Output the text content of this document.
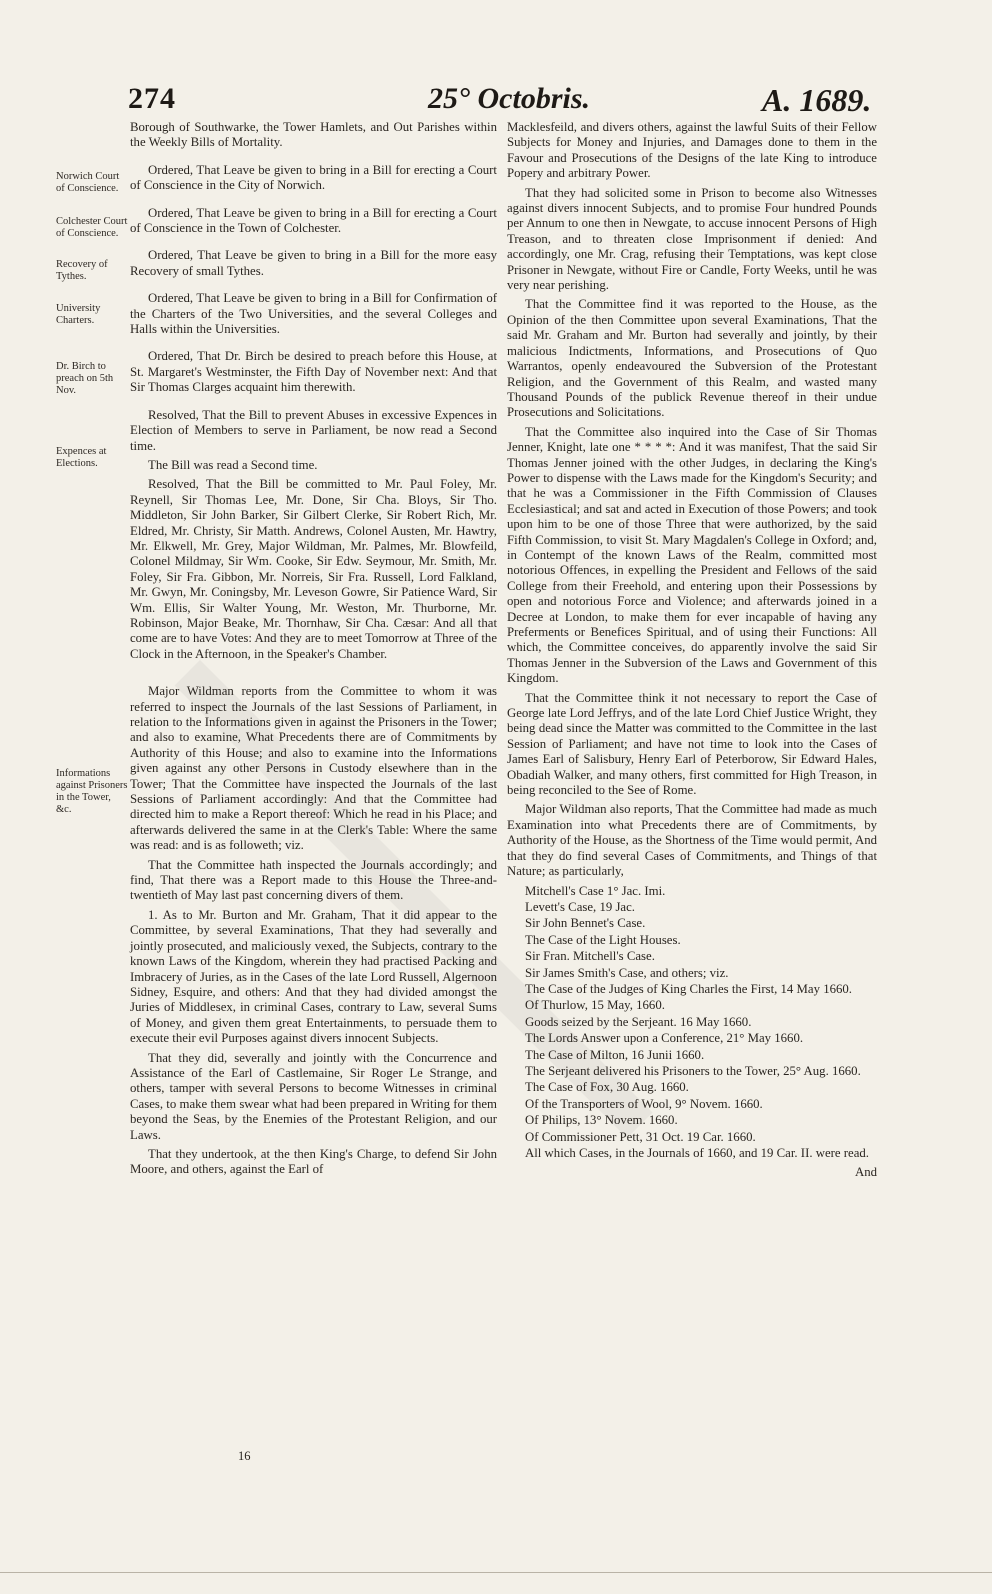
274	25° Octobris.	A. 1689.
Norwich Court of Conscience.
Colchester Court of Conscience.
Recovery of Tythes.
University Charters.
Dr. Birch to preach on 5th Nov.
Expences at Elections.
Informations against Prisoners in the Tower, &c.

Borough of Southwarke, the Tower Hamlets, and Out Parishes within the Weekly Bills of Mortality.

Ordered, That Leave be given to bring in a Bill for erecting a Court of Conscience in the City of Norwich.

Ordered, That Leave be given to bring in a Bill for erecting a Court of Conscience in the Town of Colchester.

Ordered, That Leave be given to bring in a Bill for the more easy Recovery of small Tythes.

Ordered, That Leave be given to bring in a Bill for Confirmation of the Charters of the Two Universities, and the several Colleges and Halls within the Universities.

Ordered, That Dr. Birch be desired to preach before this House, at St. Margaret's Westminster, the Fifth Day of November next: And that Sir Thomas Clarges acquaint him therewith.

Resolved, That the Bill to prevent Abuses in excessive Expences in Election of Members to serve in Parliament, be now read a Second time.

The Bill was read a Second time.

Resolved, That the Bill be committed to Mr. Paul Foley, Mr. Reynell, Sir Thomas Lee, Mr. Done, Sir Cha. Bloys, Sir Tho. Middleton, Sir John Barker, Sir Gilbert Clerke, Sir Robert Rich, Mr. Eldred, Mr. Christy, Sir Matth. Andrews, Colonel Austen, Mr. Hawtry, Mr. Elkwell, Mr. Grey, Major Wildman, Mr. Palmes, Mr. Blowfeild, Colonel Mildmay, Sir Wm. Cooke, Sir Edw. Seymour, Mr. Smith, Mr. Foley, Sir Fra. Gibbon, Mr. Norreis, Sir Fra. Russell, Lord Falkland, Mr. Gwyn, Mr. Coningsby, Mr. Leveson Gowre, Sir Patience Ward, Sir Wm. Ellis, Sir Walter Young, Mr. Weston, Mr. Thurborne, Mr. Robinson, Major Beake, Mr. Thornhaw, Sir Cha. Cæsar: And all that come are to have Votes: And they are to meet Tomorrow at Three of the Clock in the Afternoon, in the Speaker's Chamber.

Major Wildman reports from the Committee to whom it was referred to inspect the Journals of the last Sessions of Parliament, in relation to the Informations given in against the Prisoners in the Tower; and also to examine, What Precedents there are of Commitments by Authority of this House; and also to examine into the Informations given against any other Persons in Custody elsewhere than in the Tower; That the Committee have inspected the Journals of the last Sessions of Parliament accordingly: And that the Committee had directed him to make a Report thereof: Which he read in his Place; and afterwards delivered the same in at the Clerk's Table: Where the same was read: and is as followeth; viz.

That the Committee hath inspected the Journals accordingly; and find, That there was a Report made to this House the Three-and-twentieth of May last past concerning divers of them.

1. As to Mr. Burton and Mr. Graham, That it did appear to the Committee, by several Examinations, That they had severally and jointly prosecuted, and maliciously vexed, the Subjects, contrary to the known Laws of the Kingdom, wherein they had practised Packing and Imbracery of Juries, as in the Cases of the late Lord Russell, Algernoon Sidney, Esquire, and others: And that they had divided amongst the Juries of Middlesex, in criminal Cases, contrary to Law, several Sums of Money, and given them great Entertainments, to persuade them to execute their evil Purposes against divers innocent Subjects.

That they did, severally and jointly with the Concurrence and Assistance of the Earl of Castlemaine, Sir Roger Le Strange, and others, tamper with several Persons to become Witnesses in criminal Cases, to make them swear what had been prepared in Writing for them beyond the Seas, by the Enemies of the Protestant Religion, and our Laws.

That they undertook, at the then King's Charge, to defend Sir John Moore, and others, against the Earl of

16

Macklesfeild, and divers others, against the lawful Suits of their Fellow Subjects for Money and Injuries, and Damages done to them in the Favour and Prosecutions of the Designs of the late King to introduce Popery and arbitrary Power.

That they had solicited some in Prison to become also Witnesses against divers innocent Subjects, and to promise Four hundred Pounds per Annum to one then in Newgate, to accuse innocent Persons of High Treason, and to threaten close Imprisonment if denied: And accordingly, one Mr. Crag, refusing their Temptations, was kept close Prisoner in Newgate, without Fire or Candle, Forty Weeks, until he was very near perishing.

That the Committee find it was reported to the House, as the Opinion of the then Committee upon several Examinations, That the said Mr. Graham and Mr. Burton had severally and jointly, by their malicious Indictments, Informations, and Prosecutions of Quo Warrantos, openly endeavoured the Subversion of the Protestant Religion, and the Government of this Realm, and wasted many Thousand Pounds of the publick Revenue thereof in their undue Prosecutions and Solicitations.

That the Committee also inquired into the Case of Sir Thomas Jenner, Knight, late one * * * *: And it was manifest, That the said Sir Thomas Jenner joined with the other Judges, in declaring the King's Power to dispense with the Laws made for the Kingdom's Security; and that he was a Commissioner in the Fifth Commission of Clauses Ecclesiastical; and sat and acted in Execution of those Powers; and took upon him to be one of those Three that were authorized, by the said Fifth Commission, to visit St. Mary Magdalen's College in Oxford; and, in Contempt of the known Laws of the Realm, committed most notorious Offences, in expelling the President and Fellows of the said College from their Freehold, and entering upon their Possessions by open and notorious Force and Violence; and afterwards joined in a Decree at London, to make them for ever incapable of having any Preferments or Benefices Spiritual, and of using their Functions: All which, the Committee conceives, do apparently involve the said Sir Thomas Jenner in the Subversion of the Laws and Government of this Kingdom.

That the Committee think it not necessary to report the Case of George late Lord Jeffrys, and of the late Lord Chief Justice Wright, they being dead since the Matter was committed to the Committee in the last Session of Parliament; and have not time to look into the Cases of James Earl of Salisbury, Henry Earl of Peterborow, Sir Edward Hales, Obadiah Walker, and many others, first committed for High Treason, in being reconciled to the See of Rome.

Major Wildman also reports, That the Committee had made as much Examination into what Precedents there are of Commitments, by Authority of the House, as the Shortness of the Time would permit, And that they do find several Cases of Commitments, and Things of that Nature; as particularly,

Mitchell's Case 1° Jac. Imi.

Levett's Case, 19 Jac.

Sir John Bennet's Case.

The Case of the Light Houses.

Sir Fran. Mitchell's Case.

Sir James Smith's Case, and others; viz.

The Case of the Judges of King Charles the First, 14 May 1660.

Of Thurlow, 15 May, 1660.

Goods seized by the Serjeant. 16 May 1660.

The Lords Answer upon a Conference, 21° May 1660.

The Case of Milton, 16 Junii 1660.

The Serjeant delivered his Prisoners to the Tower, 25° Aug. 1660.

The Case of Fox, 30 Aug. 1660.

Of the Transporters of Wool, 9° Novem. 1660.

Of Philips, 13° Novem. 1660.

Of Commissioner Pett, 31 Oct. 19 Car. 1660.

All which Cases, in the Journals of 1660, and 19 Car. II. were read.

And
